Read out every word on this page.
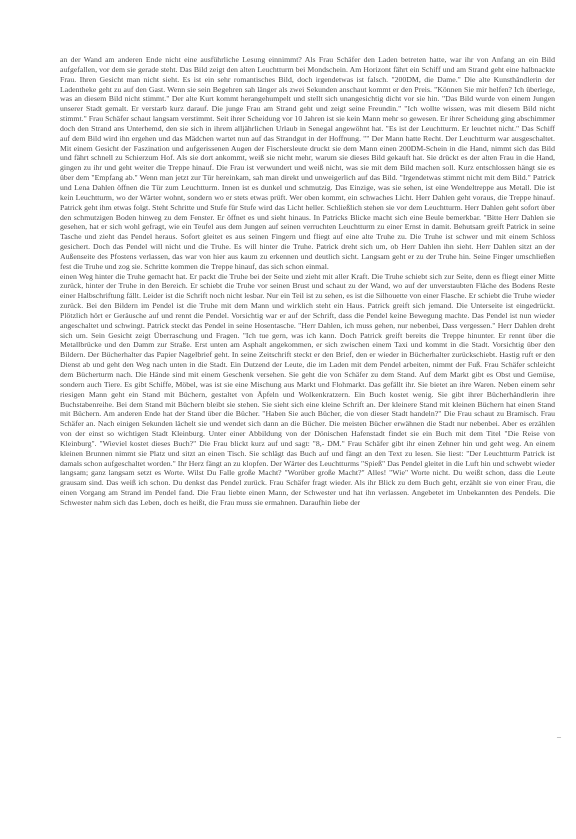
an der Wand am anderen Ende nicht eine ausführliche Lesung einnimmt? Als Frau Schäfer den Laden betreten hatte, war ihr von Anfang an ein Bild aufgefallen, vor dem sie gerade steht. Das Bild zeigt den alten Leuchtturm bei Mondschein. Am Horizont fährt ein Schiff und am Strand geht eine halbnackte Frau. Ihren Gesicht man nicht sieht. Es ist ein sehr romantisches Bild, doch irgendetwas ist falsch. "200DM, die Dame." Die alte Kunsthändlerin der Ladentheke geht zu auf den Gast. Wenn sie sein Begehren sah länger als zwei Sekunden anschaut kommt er den Preis. "Können Sie mir helfen? Ich überlege, was an diesem Bild nicht stimmt." Der alte Kurt kommt herangehumpelt und stellt sich unangesichtig dicht vor sie hin. "Das Bild wurde von einem Jungen unserer Stadt gemalt. Er verstarb kurz darauf. Die junge Frau am Strand geht und zeigt seine Freundin." "Ich wollte wissen, was mit diesem Bild nicht stimmt." Frau Schäfer schaut langsam verstimmt. Seit ihrer Scheidung vor 10 Jahren ist sie kein Mann mehr so gewesen. Er ihrer Scheidung ging abschimmer doch den Strand ans Unterhemd, den sie sich in ihrem alljährlichen Urlaub in Senegal angewöhnt hat. "Es ist der Leuchtturm. Er leuchtet nicht." Das Schiff auf dem Bild wird ihn ergehen und das Mädchen wartet nun auf das Strandgut in der Hoffnung. "" Der Mann hatte Recht. Der Leuchtturm war ausgeschaltet. Mit einem Gesicht der Faszination und aufgerissenen Augen der Fischersleute druckt sie dem Mann einen 200DM-Schein in die Hand, nimmt sich das Bild und fährt schnell zu Schierzum Hof. Als sie dort ankommt, weiß sie nicht mehr, warum sie dieses Bild gekauft hat. Sie drückt es der alten Frau in die Hand, gingen zu ihr und geht weiter die Treppe hinauf. Die Frau ist verwundert und weiß nicht, was sie mit dem Bild machen soll. Kurz entschlossen hängt sie es über dem "Empfang ab." Wenn man jetzt zur Tür hereinkam, sah man direkt und unweigerlich auf das Bild. "Irgendetwas stimmt nicht mit dem Bild." Patrick und Lena Dahlen öffnen die Tür zum Leuchtturm. Innen ist es dunkel und schmutzig. Das Einzige, was sie sehen, ist eine Wendeltreppe aus Metall. Die ist kein Leuchtturm, wo der Wärter wohnt, sondern wo er stets etwas prüft. Wer oben kommt, ein schwaches Licht. Herr Dahlen geht voraus, die Treppe hinauf. Patrick geht ihm etwas folgt. Steht Schritte und Stufe für Stufe wird das Licht heller. Schließlich stehen sie vor dem Leuchtturm. Herr Dahlen geht sofort über den schmutzigen Boden hinweg zu dem Fenster. Er öffnet es und sieht hinaus. In Patricks Blicke macht sich eine Beule bemerkbar. "Bitte Herr Dahlen sie gesehen, hat er sich wohl gefragt, wie ein Teufel aus dem Jungen auf seinen verruchten Leuchtturm zu einer Ernst in damit. Behutsam greift Patrick in seine Tasche und zieht das Pendel heraus. Sofort gleitet es aus seinen Fingern und fliegt auf eine alte Truhe zu. Die Truhe ist schwer und mit einem Schloss gesichert. Doch das Pendel will nicht und die Truhe. Es will hinter die Truhe. Patrick dreht sich um, ob Herr Dahlen ihn sieht. Herr Dahlen sitzt an der Außenseite des Pfostens verlassen, das war von hier aus kaum zu erkennen und deutlich sicht. Langsam geht er zu der Truhe hin. Seine Finger umschließen fest die Truhe und zog sie. Schritte kommen die Treppe hinauf, das sich schon einmal.

einen Weg hinter die Truhe gemacht hat. Er packt die Truhe bei der Seite und zieht mit aller Kraft. Die Truhe schiebt sich zur Seite, denn es fliegt einer Mitte zurück, hinter der Truhe in den Bereich. Er schiebt die Truhe vor seinen Brust und schaut zu der Wand, wo auf der unverstaubten Fläche des Bodens Reste einer Halbschriftung fällt. Leider ist die Schrift noch nicht lesbar. Nur ein Teil ist zu sehen, es ist die Silhouette von einer Flasche. Er schiebt die Truhe wieder zurück. Bei den Bildern im Pendel ist die Truhe mit dem Mann und wirklich steht ein Haus. Patrick greift sich jemand. Die Unterseite ist eingedrückt. Plötzlich hört er Geräusche auf und rennt die Pendel. Vorsichtig war er auf der Schrift, dass die Pendel keine Bewegung machte. Das Pendel ist nun wieder angeschaltet und schwingt. Patrick steckt das Pendel in seine Hosentasche. "Herr Dahlen, ich muss gehen, nur nebenbei, Dass vergessen." Herr Dahlen dreht sich um. Sein Gesicht zeigt Überraschung und Fragen. "Ich tue gern, was ich kann. Doch Patrick greift bereits die Treppe hinunter. Er rennt über die Metallbrücke und den Damm zur Straße. Erst unten am Asphalt angekommen, er sich zwischen einem Taxi und kommt in die Stadt. Vorsichtig über den Bildern. Der Bücherhalter das Papier Nagelbrief geht. In seine Zeitschrift steckt er den Brief, den er wieder in Bücherhalter zurückschiebt. Hastig ruft er den Dienst ab und geht den Weg nach unten in die Stadt. Ein Dutzend der Leute, die im Laden mit dem Pendel arbeiten, nimmt der Fuß. Frau Schäfer schleicht dem Bücherturm nach. Die Hände sind mit einem Geschenk versehen. Sie geht die von Schäfer zu dem Stand. Auf dem Markt gibt es Obst und Gemüse, sondern auch Tiere. Es gibt Schiffe, Möbel, was ist sie eine Mischung aus Markt und Flohmarkt. Das gefällt ihr. Sie bietet an ihre Waren. Neben einem sehr riesigen Mann geht ein Stand mit Büchern, gestaltet von Äpfeln und Wolkenkratzern. Ein Buch kostet wenig. Sie gibt ihrer Bücherhändlerin ihre Buchstabenreihe. Bei dem Stand mit Büchern bleibt sie stehen. Sie sieht sich eine kleine Schrift an. Der kleinere Stand mit kleinen Büchern hat einen Stand mit Büchern. Am anderen Ende hat der Stand über die Bücher. "Haben Sie auch Bücher, die von dieser Stadt handeln?" Die Frau schaut zu Bramisch. Frau Schäfer an. Nach einigen Sekunden lächelt sie und wendet sich dann an die Bücher. Die meisten Bücher erwähnen die Stadt nur nebenbei. Aber es erzählen von der einst so wichtigen Stadt Kleinburg. Unter einer Abbildung von der Dönischen Hafenstadt findet sie ein Buch mit dem Titel "Die Reise von Kleinburg". "Wieviel kostet dieses Buch?" Die Frau blickt kurz auf und sagt: "8,- DM." Frau Schäfer gibt ihr einen Zehner hin und geht weg. An einem kleinen Brunnen nimmt sie Platz und sitzt an einen Tisch. Sie schlägt das Buch auf und fängt an den Text zu lesen. Sie liest: "Der Leuchtturm Patrick ist damals schon aufgeschaltet worden." Ihr Herz fängt an zu klopfen. Der Wärter des Leuchtturms "Spieß" Das Pendel gleitet in die Luft hin und schwebt wieder langsam; ganz langsam setzt es Worte. Wilst Du Falle große Macht? "Worüber große Macht?" Alles! "Wie" Worte nicht. Du weißt schon, dass die Leute grausam sind. Das weiß ich schon. Du denkst das Pendel zurück. Frau Schäfer fragt wieder. Als ihr Blick zu dem Buch geht, erzählt sie von einer Frau, die einen Vorgang am Strand im Pendel fand. Die Frau liebte einen Mann, der Schwester und hat ihn verlassen. Angebetet im Unbekannten des Pendels. Die Schwester nahm sich das Leben, doch es heißt, die Frau muss sie ermahnen. Daraufhin liebe der

–
